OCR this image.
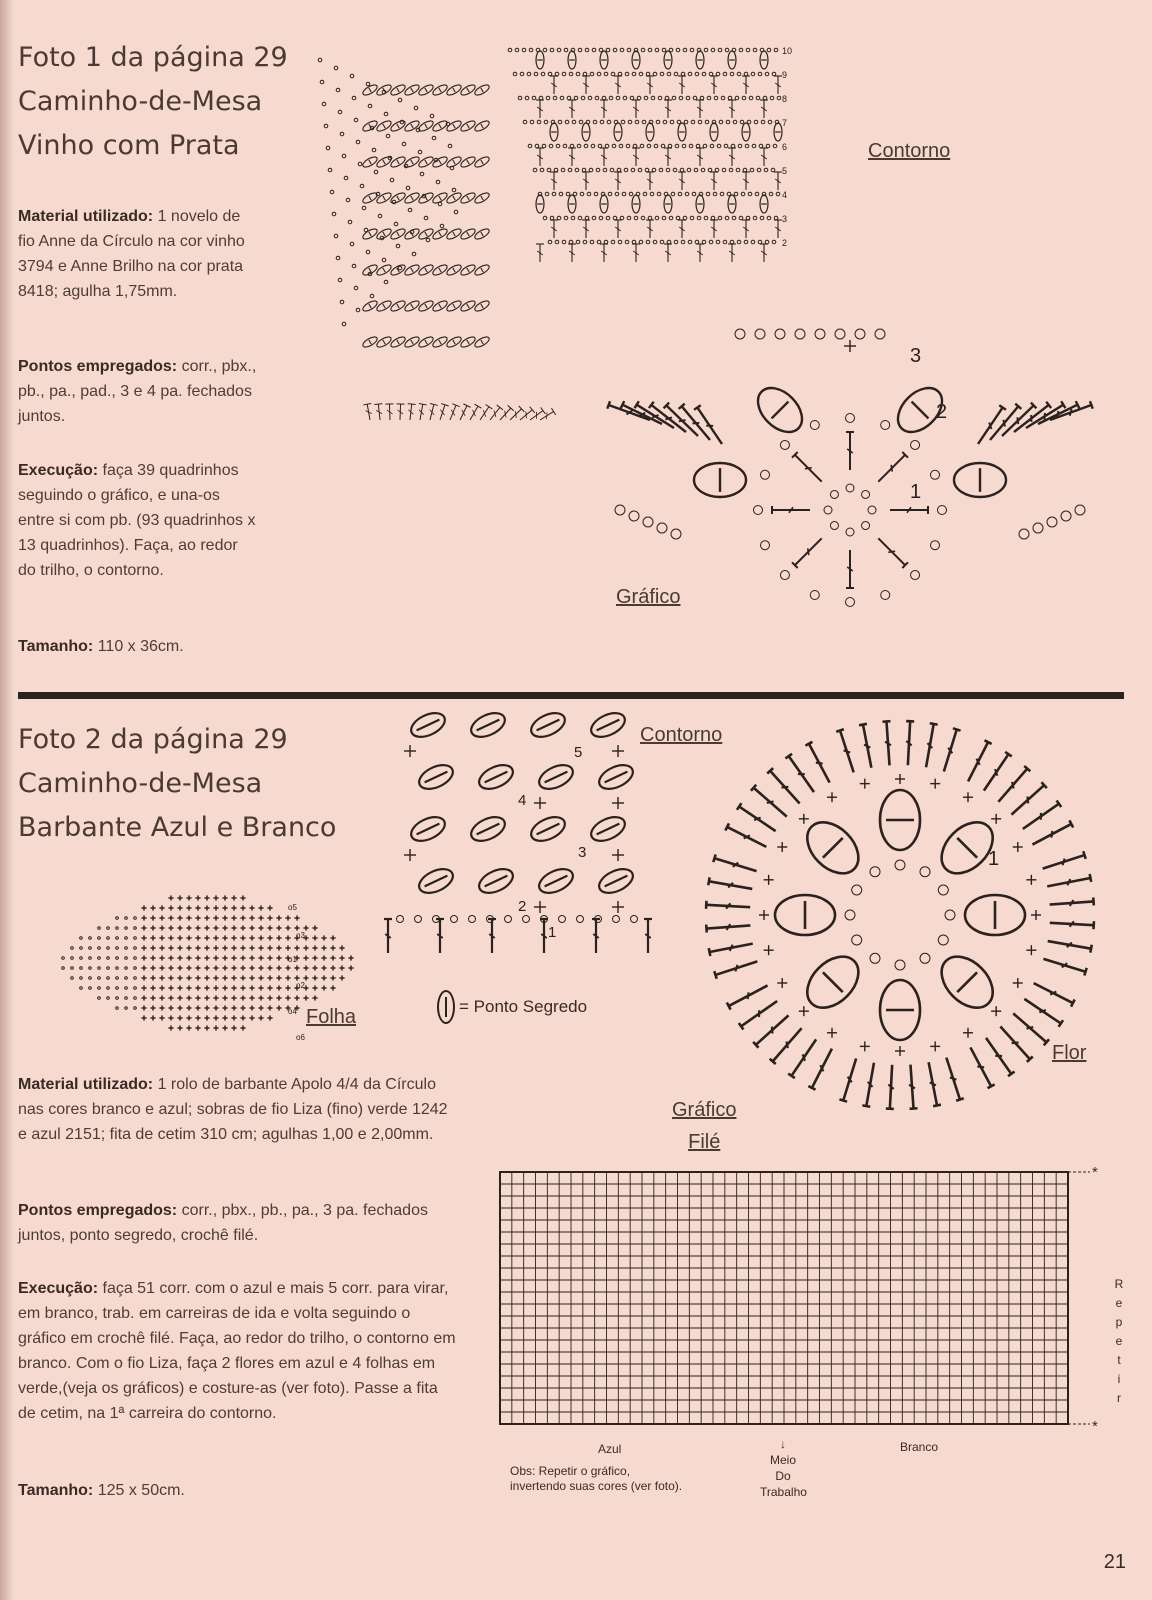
Foto 1 da página 29
Caminho-de-Mesa
Vinho com Prata
Material utilizado: 1 novelo de fio Anne da Círculo na cor vinho 3794 e Anne Brilho na cor prata 8418; agulha 1,75mm.
Pontos empregados: corr., pbx., pb., pa., pad., 3 e 4 pa. fechados juntos.
Execução: faça 39 quadrinhos seguindo o gráfico, e una-os entre si com pb. (93 quadrinhos x 13 quadrinhos). Faça, ao redor do trilho, o contorno.
Tamanho: 110 x 36cm.
10
9
8
7
6
5
4
3
2
Contorno
1
2
3
Gráfico
Foto 2 da página 29
Caminho-de-Mesa
Barbante Azul e Branco
o5
o3
o1
o2
o4
o6
Folha
1
2
3
4
5
Contorno
= Ponto Segredo
1
Flor
Material utilizado: 1 rolo de barbante Apolo 4/4 da Círculo nas cores branco e azul; sobras de fio Liza (fino) verde 1242 e azul 2151; fita de cetim 310 cm; agulhas 1,00 e 2,00mm.
Pontos empregados: corr., pbx., pb., pa., 3 pa. fechados juntos, ponto segredo, crochê filé.
Execução: faça 51 corr. com o azul e mais 5 corr. para virar, em branco, trab. em carreiras de ida e volta seguindo o gráfico em crochê filé. Faça, ao redor do trilho, o contorno em branco. Com o fio Liza, faça 2 flores em azul e 4 folhas em verde,(veja os gráficos) e costure-as (ver foto). Passe a fita de cetim, na 1ª carreira do contorno.
Tamanho: 125 x 50cm.
Gráfico
Filé
*
*
R
e
p
e
t
i
r
Azul	Branco
↓
Meio
Do
Trabalho
Obs: Repetir o gráfico,
invertendo suas cores (ver foto).
21
